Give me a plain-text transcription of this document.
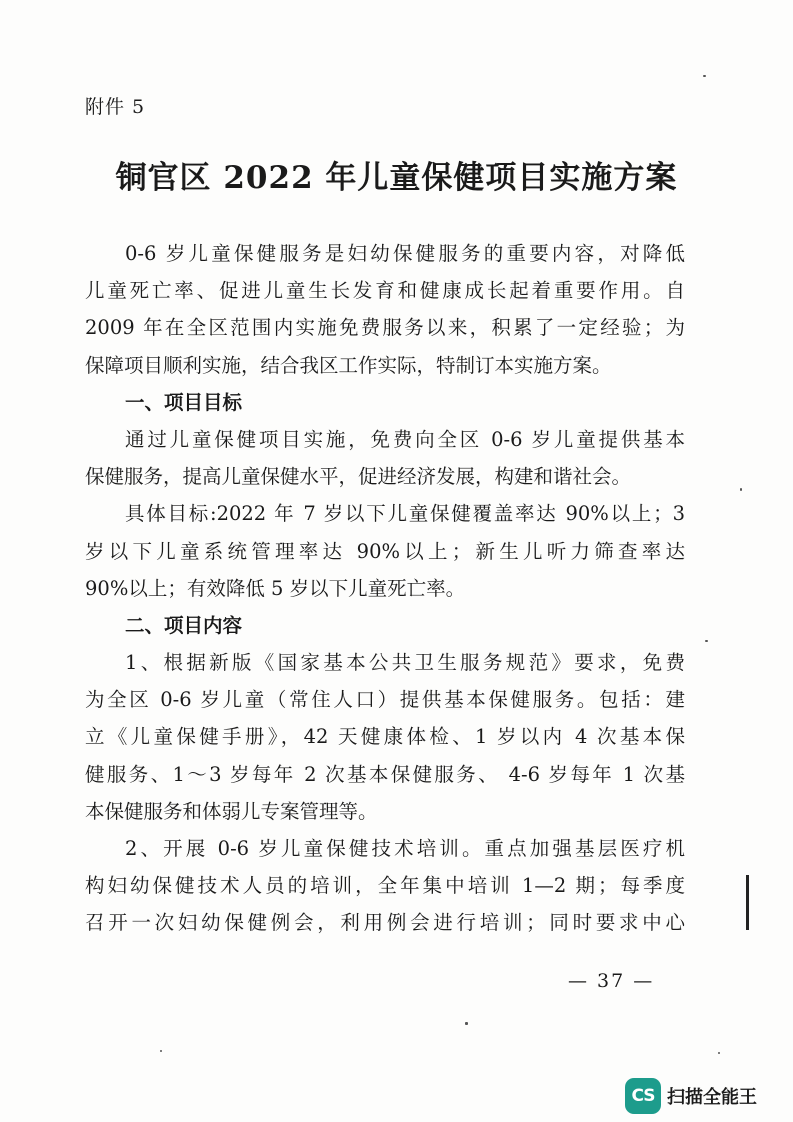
附件 5
铜官区 2022 年儿童保健项目实施方案
0-6 岁儿童保健服务是妇幼保健服务的重要内容，对降低
儿童死亡率、促进儿童生长发育和健康成长起着重要作用。自
2009 年在全区范围内实施免费服务以来，积累了一定经验；为
保障项目顺利实施，结合我区工作实际，特制订本实施方案。
一、项目目标
通过儿童保健项目实施，免费向全区 0-6 岁儿童提供基本
保健服务，提高儿童保健水平，促进经济发展，构建和谐社会。
具体目标:2022 年 7 岁以下儿童保健覆盖率达 90%以上；3
岁以下儿童系统管理率达 90%以上；新生儿听力筛查率达
90%以上；有效降低 5 岁以下儿童死亡率。
二、项目内容
1、根据新版《国家基本公共卫生服务规范》要求，免费
为全区 0-6 岁儿童（常住人口）提供基本保健服务。包括：建
立《儿童保健手册》，42 天健康体检、1 岁以内 4 次基本保
健服务、1～3 岁每年 2 次基本保健服务、 4-6 岁每年 1 次基
本保健服务和体弱儿专案管理等。
2、开展 0-6 岁儿童保健技术培训。重点加强基层医疗机
构妇幼保健技术人员的培训，全年集中培训 1—2 期；每季度
召开一次妇幼保健例会，利用例会进行培训；同时要求中心
— 37 —
CS 扫描全能王
